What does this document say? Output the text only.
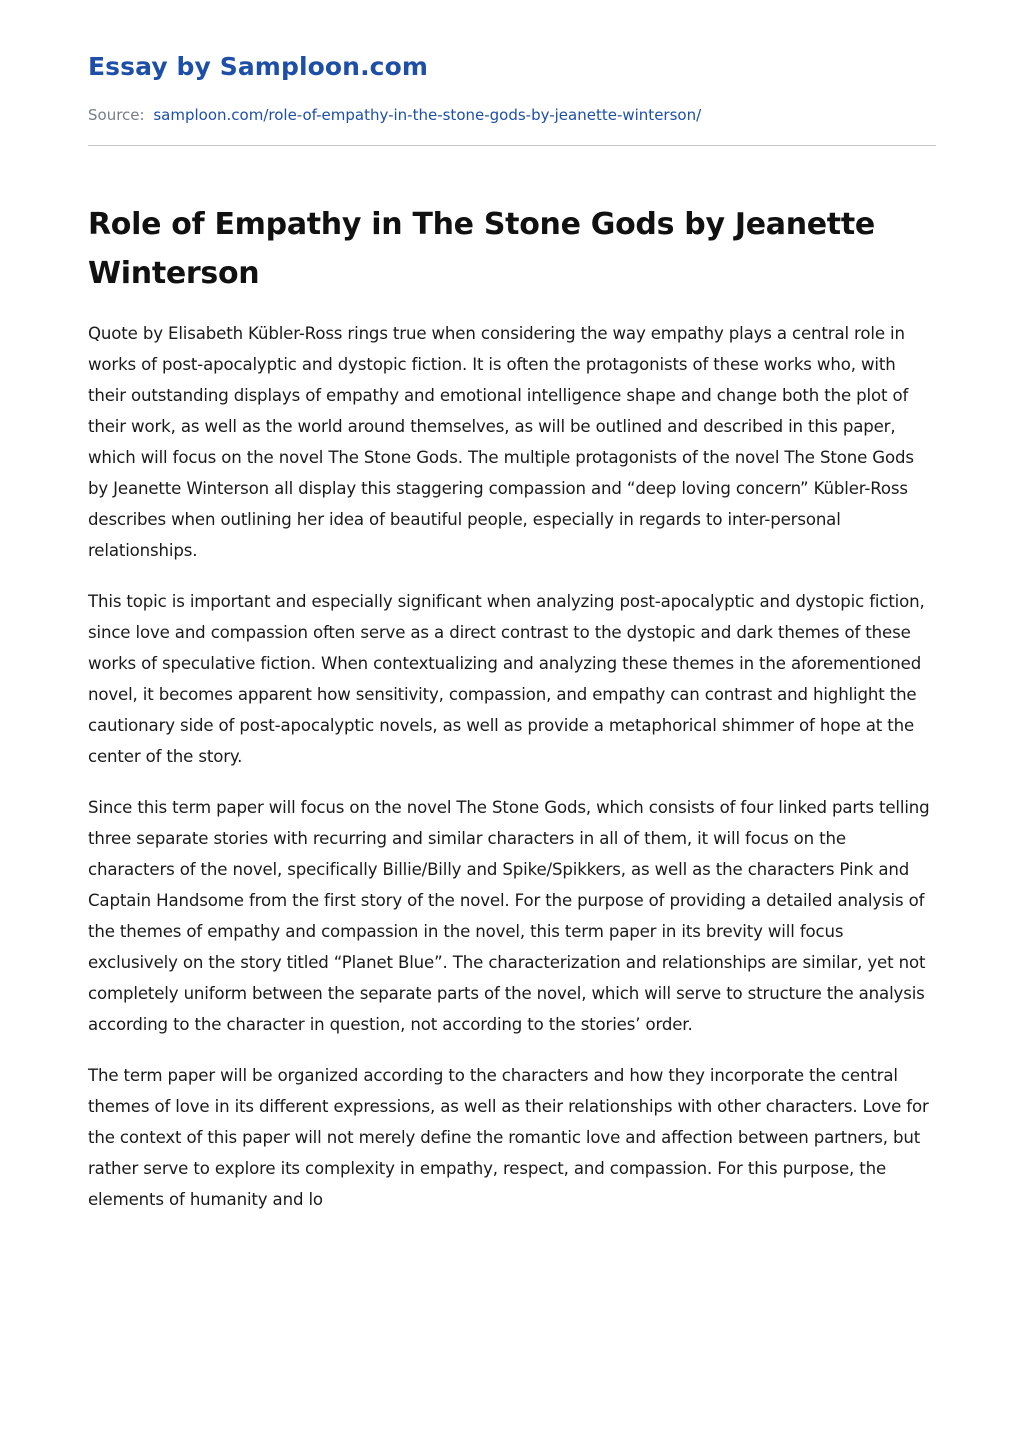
Essay by Samploon.com
Source: samploon.com/role-of-empathy-in-the-stone-gods-by-jeanette-winterson/
Role of Empathy in The Stone Gods by Jeanette Winterson

Quote by Elisabeth Kübler-Ross rings true when considering the way empathy plays a central role in works of post-apocalyptic and dystopic fiction. It is often the protagonists of these works who, with their outstanding displays of empathy and emotional intelligence shape and change both the plot of their work, as well as the world around themselves, as will be outlined and described in this paper, which will focus on the novel The Stone Gods. The multiple protagonists of the novel The Stone Gods by Jeanette Winterson all display this staggering compassion and “deep loving concern” Kübler-Ross describes when outlining her idea of beautiful people, especially in regards to inter-personal relationships.

This topic is important and especially significant when analyzing post-apocalyptic and dystopic fiction, since love and compassion often serve as a direct contrast to the dystopic and dark themes of these works of speculative fiction. When contextualizing and analyzing these themes in the aforementioned novel, it becomes apparent how sensitivity, compassion, and empathy can contrast and highlight the cautionary side of post-apocalyptic novels, as well as provide a metaphorical shimmer of hope at the center of the story.

Since this term paper will focus on the novel The Stone Gods, which consists of four linked parts telling three separate stories with recurring and similar characters in all of them, it will focus on the characters of the novel, specifically Billie/Billy and Spike/Spikkers, as well as the characters Pink and Captain Handsome from the first story of the novel. For the purpose of providing a detailed analysis of the themes of empathy and compassion in the novel, this term paper in its brevity will focus exclusively on the story titled “Planet Blue”. The characterization and relationships are similar, yet not completely uniform between the separate parts of the novel, which will serve to structure the analysis according to the character in question, not according to the stories’ order.

The term paper will be organized according to the characters and how they incorporate the central themes of love in its different expressions, as well as their relationships with other characters. Love for the context of this paper will not merely define the romantic love and affection between partners, but rather serve to explore its complexity in empathy, respect, and compassion. For this purpose, the elements of humanity and lo
